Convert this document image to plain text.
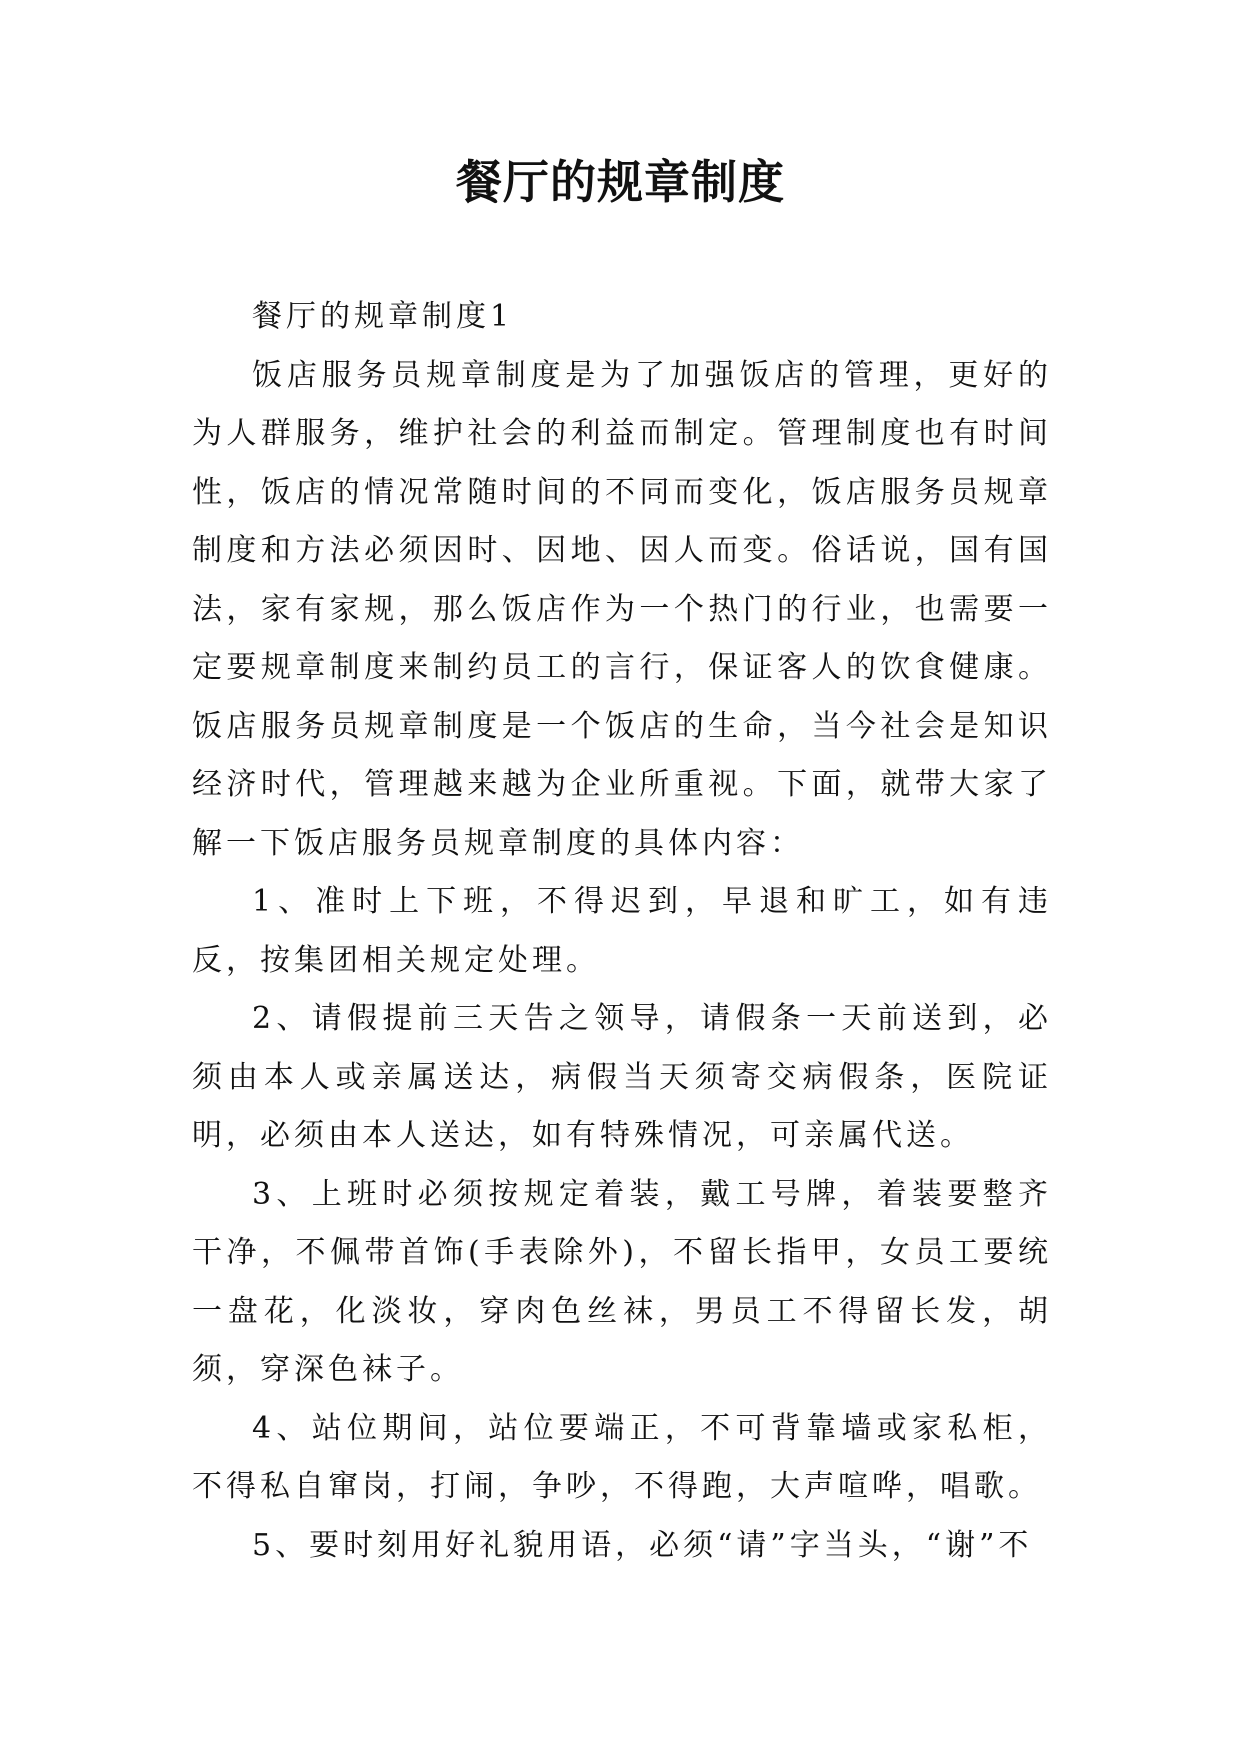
餐厅的规章制度

餐厅的规章制度1

饭店服务员规章制度是为了加强饭店的管理，更好的为人群服务，维护社会的利益而制定。管理制度也有时间性，饭店的情况常随时间的不同而变化，饭店服务员规章制度和方法必须因时、因地、因人而变。俗话说，国有国法，家有家规，那么饭店作为一个热门的行业，也需要一定要规章制度来制约员工的言行，保证客人的饮食健康。饭店服务员规章制度是一个饭店的生命，当今社会是知识经济时代，管理越来越为企业所重视。下面，就带大家了解一下饭店服务员规章制度的具体内容：

1、准时上下班，不得迟到，早退和旷工，如有违反，按集团相关规定处理。

2、请假提前三天告之领导，请假条一天前送到，必须由本人或亲属送达，病假当天须寄交病假条，医院证明，必须由本人送达，如有特殊情况，可亲属代送。

3、上班时必须按规定着装，戴工号牌，着装要整齐干净，不佩带首饰(手表除外)，不留长指甲，女员工要统一盘花，化淡妆，穿肉色丝袜，男员工不得留长发，胡须，穿深色袜子。

4、站位期间，站位要端正，不可背靠墙或家私柜，不得私自窜岗，打闹，争吵，不得跑，大声喧哗，唱歌。

5、要时刻用好礼貌用语，必须“请”字当头，“谢”不
